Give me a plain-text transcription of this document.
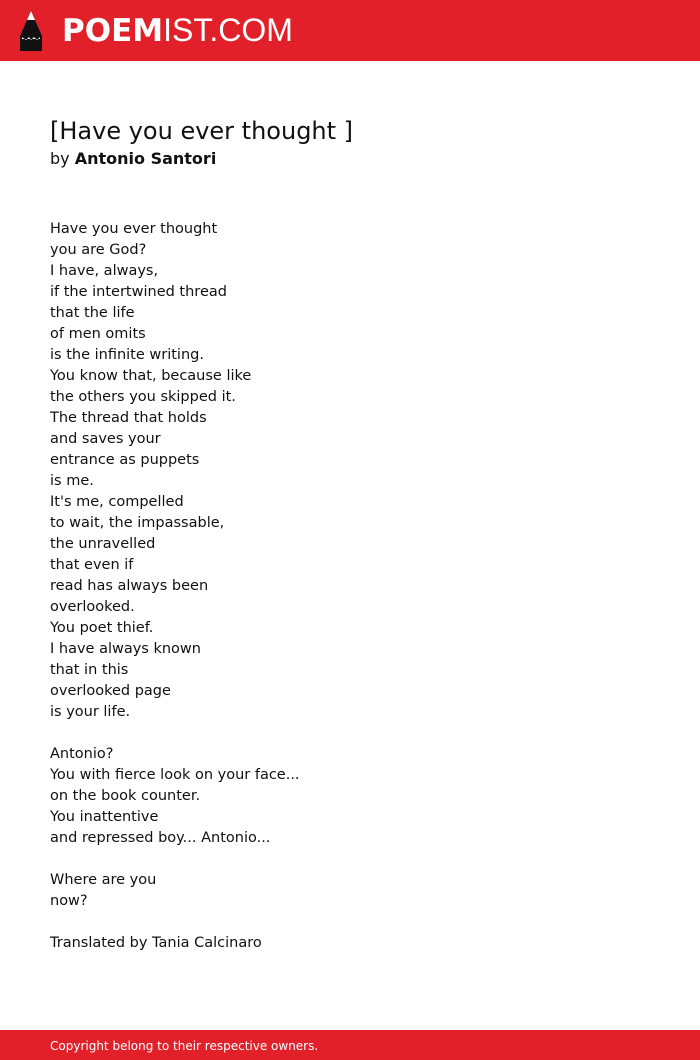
POEMIST.COM
[Have you ever thought ]
by Antonio Santori
Have you ever thought
you are God?
I have, always,
if the intertwined thread
that the life
of men omits
is the infinite writing.
You know that, because like
the others you skipped it.
The thread that holds
and saves your
entrance as puppets
is me.
It's me, compelled
to wait, the impassable,
the unravelled
that even if
read has always been
overlooked.
You poet thief.
I have always known
that in this
overlooked page
is your life.
Antonio?
You with fierce look on your face...
on the book counter.
You inattentive
and repressed boy... Antonio...
Where are you
now?
Translated by Tania Calcinaro
Copyright belong to their respective owners.
